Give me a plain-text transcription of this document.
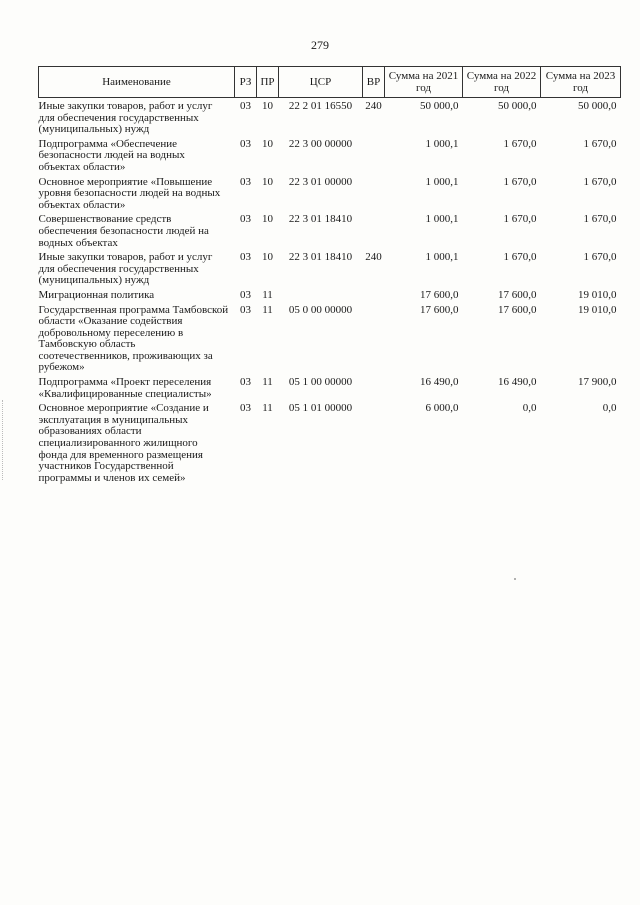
279
Наименование	РЗ	ПР	ЦСР	ВР	Сумма на 2021 год	Сумма на 2022 год	Сумма на 2023 год

Иные закупки товаров, работ и услуг для обеспечения государственных (муниципальных) нужд	03	10	22 2 01 16550	240	50 000,0	50 000,0	50 000,0
Подпрограмма «Обеспечение безопасности людей на водных объектах области»	03	10	22 3 00 00000		1 000,1	1 670,0	1 670,0
Основное мероприятие «Повышение уровня безопасности людей на водных объектах области»	03	10	22 3 01 00000		1 000,1	1 670,0	1 670,0
Совершенствование средств обеспечения безопасности людей на водных объектах	03	10	22 3 01 18410		1 000,1	1 670,0	1 670,0
Иные закупки товаров, работ и услуг для обеспечения государственных (муниципальных) нужд	03	10	22 3 01 18410	240	1 000,1	1 670,0	1 670,0
Миграционная политика	03	11			17 600,0	17 600,0	19 010,0
Государственная программа Тамбовской области «Оказание содействия добровольному переселению в Тамбовскую область соотечественников, проживающих за рубежом»	03	11	05 0 00 00000		17 600,0	17 600,0	19 010,0
Подпрограмма «Проект переселения «Квалифицированные специалисты»	03	11	05 1 00 00000		16 490,0	16 490,0	17 900,0
Основное мероприятие «Создание и эксплуатация в муниципальных образованиях области специализированного жилищного фонда для временного размещения участников Государственной программы и членов их семей»	03	11	05 1 01 00000		6 000,0	0,0	0,0
